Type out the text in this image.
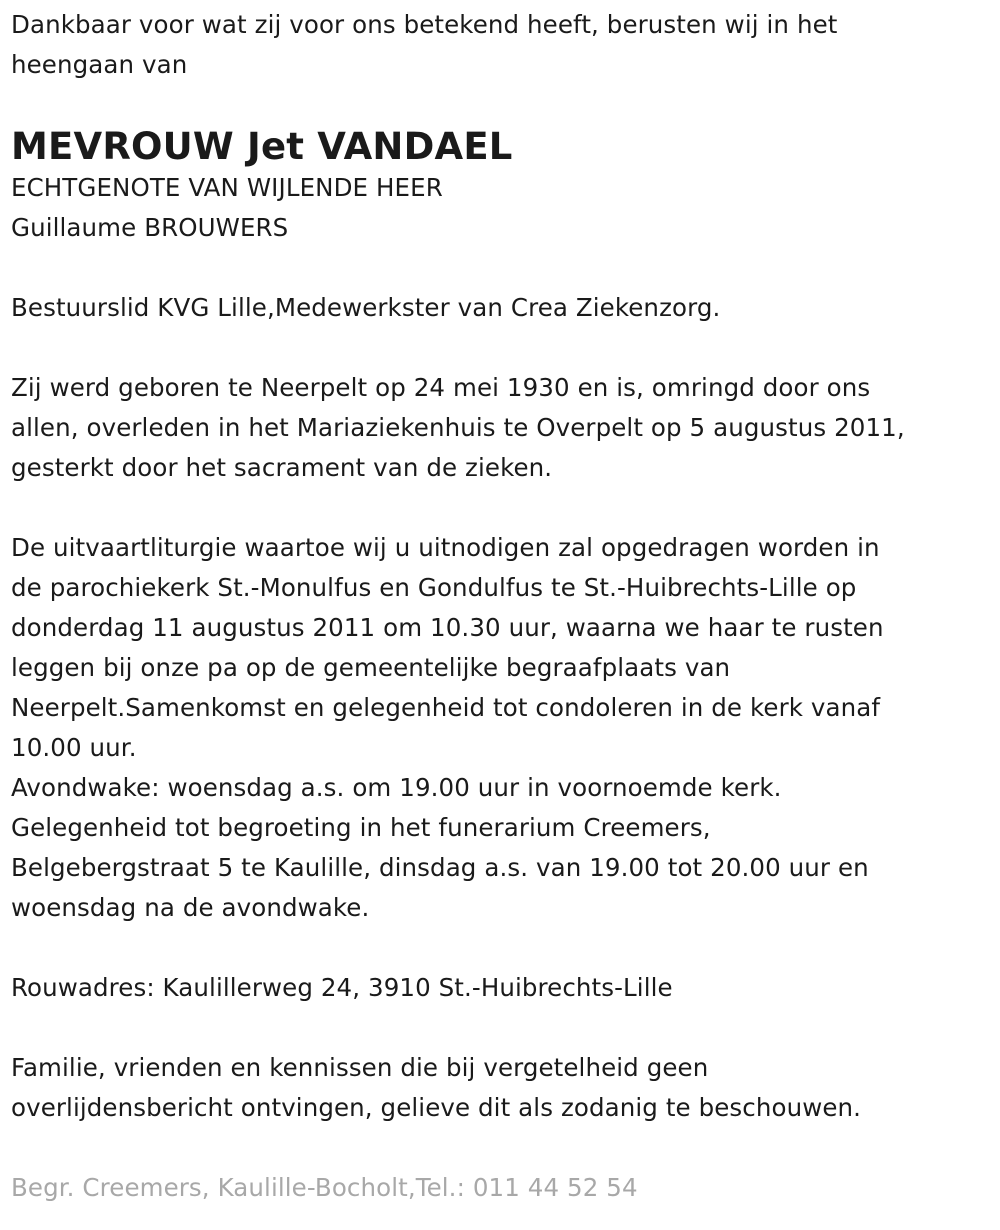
Dankbaar voor wat zij voor ons betekend heeft, berusten wij in het

heengaan van

MEVROUW Jet VANDAEL

ECHTGENOTE VAN WIJLENDE HEER

Guillaume BROUWERS

Bestuurslid KVG Lille,Medewerkster van Crea Ziekenzorg.

Zij werd geboren te Neerpelt op 24 mei 1930 en is, omringd door ons

allen, overleden in het Mariaziekenhuis te Overpelt op 5 augustus 2011,

gesterkt door het sacrament van de zieken.

De uitvaartliturgie waartoe wij u uitnodigen zal opgedragen worden in

de parochiekerk St.-Monulfus en Gondulfus te St.-Huibrechts-Lille op

donderdag 11 augustus 2011 om 10.30 uur, waarna we haar te rusten

leggen bij onze pa op de gemeentelijke begraafplaats van

Neerpelt.Samenkomst en gelegenheid tot condoleren in de kerk vanaf

10.00 uur.

Avondwake: woensdag a.s. om 19.00 uur in voornoemde kerk.

Gelegenheid tot begroeting in het funerarium Creemers,

Belgebergstraat 5 te Kaulille, dinsdag a.s. van 19.00 tot 20.00 uur en

woensdag na de avondwake.

Rouwadres: Kaulillerweg 24, 3910 St.-Huibrechts-Lille

Familie, vrienden en kennissen die bij vergetelheid geen

overlijdensbericht ontvingen, gelieve dit als zodanig te beschouwen.

Begr. Creemers, Kaulille-Bocholt,Tel.: 011 44 52 54
